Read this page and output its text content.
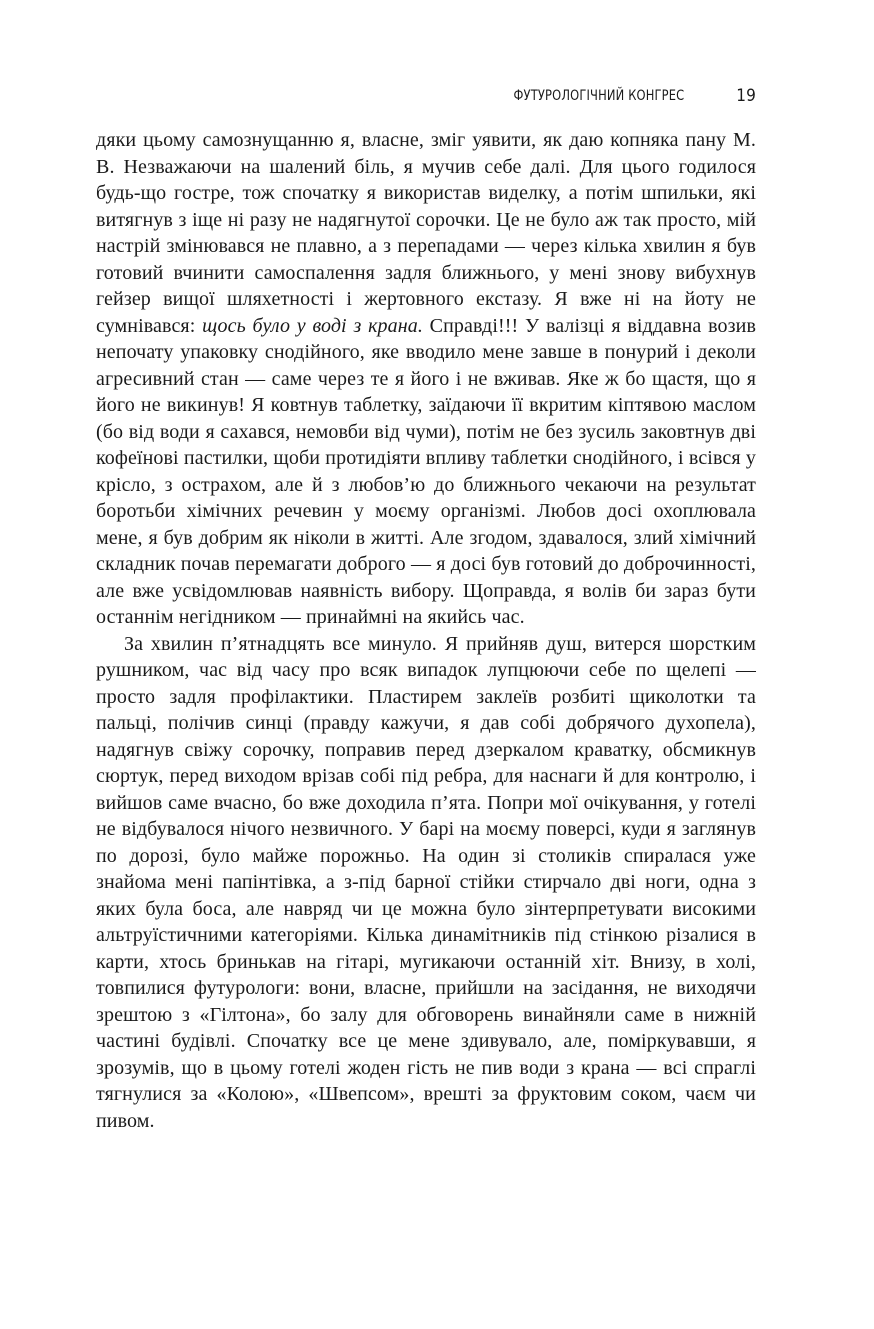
ФУТУРОЛОГІЧНИЙ КОНГРЕС	19

дяки цьому самознущанню я, власне, зміг уявити, як даю копняка пану М. В. Незважаючи на шалений біль, я мучив себе далі. Для цього годилося будь-що гостре, тож спочатку я використав виделку, а потім шпильки, які витягнув з іще ні разу не надягнутої сорочки. Це не було аж так просто, мій настрій змінювався не плавно, а з перепадами — через кілька хвилин я був готовий вчинити самоспалення задля ближнього, у мені знову вибухнув гейзер вищої шляхетності і жертовного екстазу. Я вже ні на йоту не сумнівався: щось було у воді з крана. Справді!!! У валізці я віддавна возив непочату упаковку снодійного, яке вводило мене завше в понурий і деколи агресивний стан — саме через те я його і не вживав. Яке ж бо щастя, що я його не викинув! Я ковтнув таблетку, заїдаючи її вкритим кіптявою маслом (бо від води я сахався, немовби від чуми), потім не без зусиль заковтнув дві кофеїнові пастилки, щоби протидіяти впливу таблетки снодійного, і всівся у крісло, з острахом, але й з любов’ю до ближнього чекаючи на результат боротьби хімічних речевин у моєму організмі. Любов досі охоплювала мене, я був добрим як ніколи в житті. Але згодом, здавалося, злий хімічний складник почав перемагати доброго — я досі був готовий до доброчинності, але вже усвідомлював наявність вибору. Щоправда, я волів би зараз бути останнім негідником — принаймні на якийсь час.

За хвилин п’ятнадцять все минуло. Я прийняв душ, витерся шорстким рушником, час від часу про всяк випадок лупцюючи себе по щелепі — просто задля профілактики. Пластирем заклеїв розбиті щиколотки та пальці, полічив синці (правду кажучи, я дав собі добрячого духопела), надягнув свіжу сорочку, поправив перед дзеркалом краватку, обсмикнув сюртук, перед виходом врізав собі під ребра, для наснаги й для контролю, і вийшов саме вчасно, бо вже доходила п’ята. Попри мої очікування, у готелі не відбувалося нічого незвичного. У барі на моєму поверсі, куди я заглянув по дорозі, було майже порожньо. На один зі столиків спиралася уже знайома мені папінтівка, а з-під барної стійки стирчало дві ноги, одна з яких була боса, але навряд чи це можна було зінтерпретувати високими альтруїстичними категоріями. Кілька динамітників під стінкою різалися в карти, хтось бринькав на гітарі, мугикаючи останній хіт. Внизу, в холі, товпилися футурологи: вони, власне, прийшли на засідання, не виходячи зрештою з «Гілтона», бо залу для обговорень винайняли саме в нижній частині будівлі. Спочатку все це мене здивувало, але, поміркувавши, я зрозумів, що в цьому готелі жоден гість не пив води з крана — всі спраглі тягнулися за «Колою», «Швепсом», врешті за фруктовим соком, чаєм чи пивом.
